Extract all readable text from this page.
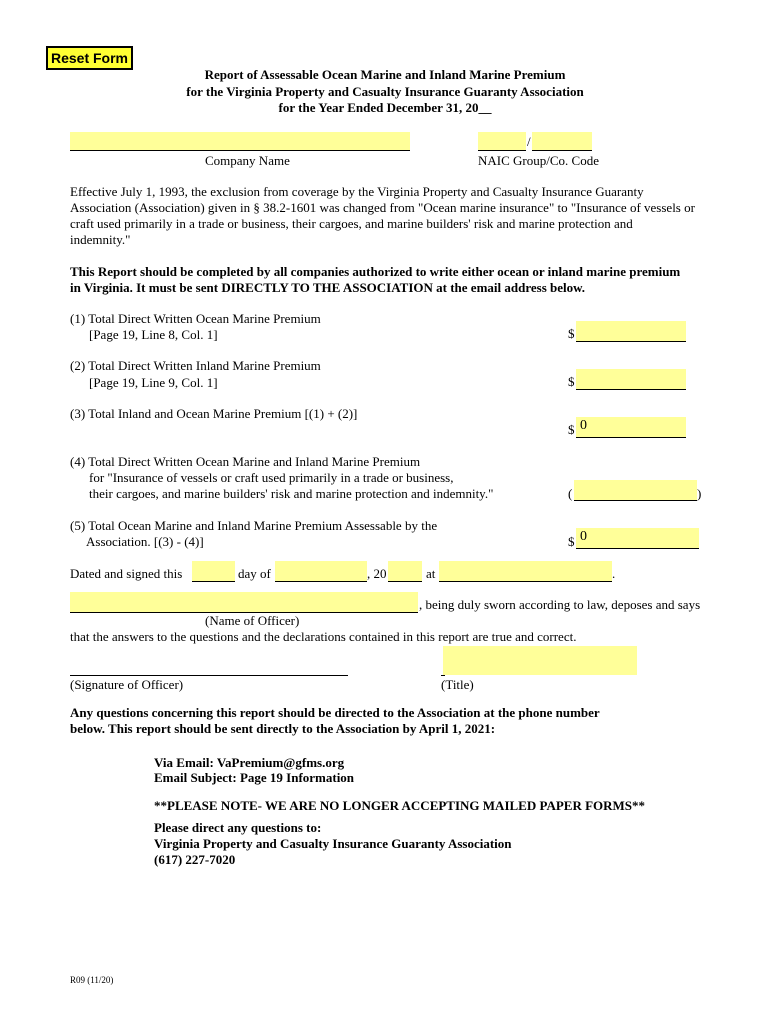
Reset Form
Report of Assessable Ocean Marine and Inland Marine Premium
for the Virginia Property and Casualty Insurance Guaranty Association
for the Year Ended December 31, 20__
Company Name
/
NAIC Group/Co. Code
Effective July 1, 1993, the exclusion from coverage by the Virginia Property and Casualty Insurance Guaranty
Association (Association) given in § 38.2-1601 was changed from "Ocean marine insurance" to "Insurance of vessels or
craft used primarily in a trade or business, their cargoes, and marine builders' risk and marine protection and
indemnity."
This Report should be completed by all companies authorized to write either ocean or inland marine premium
in Virginia. It must be sent DIRECTLY TO THE ASSOCIATION at the email address below.
(1) Total Direct Written Ocean Marine Premium
[Page 19, Line 8, Col. 1]	$
(2) Total Direct Written Inland Marine Premium
[Page 19, Line 9, Col. 1]	$
(3) Total Inland and Ocean Marine Premium [(1) + (2)]
$ 0
(4) Total Direct Written Ocean Marine and Inland Marine Premium
for "Insurance of vessels or craft used primarily in a trade or business,
their cargoes, and marine builders' risk and marine protection and indemnity."	(	)
(5) Total Ocean Marine and Inland Marine Premium Assessable by the
Association. [(3) - (4)]	$ 0
Dated and signed this	day of	, 20	at	.
, being duly sworn according to law, deposes and says
(Name of Officer)
that the answers to the questions and the declarations contained in this report are true and correct.
(Signature of Officer)	(Title)
Any questions concerning this report should be directed to the Association at the phone number
below. This report should be sent directly to the Association by April 1, 2021:
Via Email: VaPremium@gfms.org
Email Subject: Page 19 Information
**PLEASE NOTE- WE ARE NO LONGER ACCEPTING MAILED PAPER FORMS**
Please direct any questions to:
Virginia Property and Casualty Insurance Guaranty Association
(617) 227-7020
R09 (11/20)
